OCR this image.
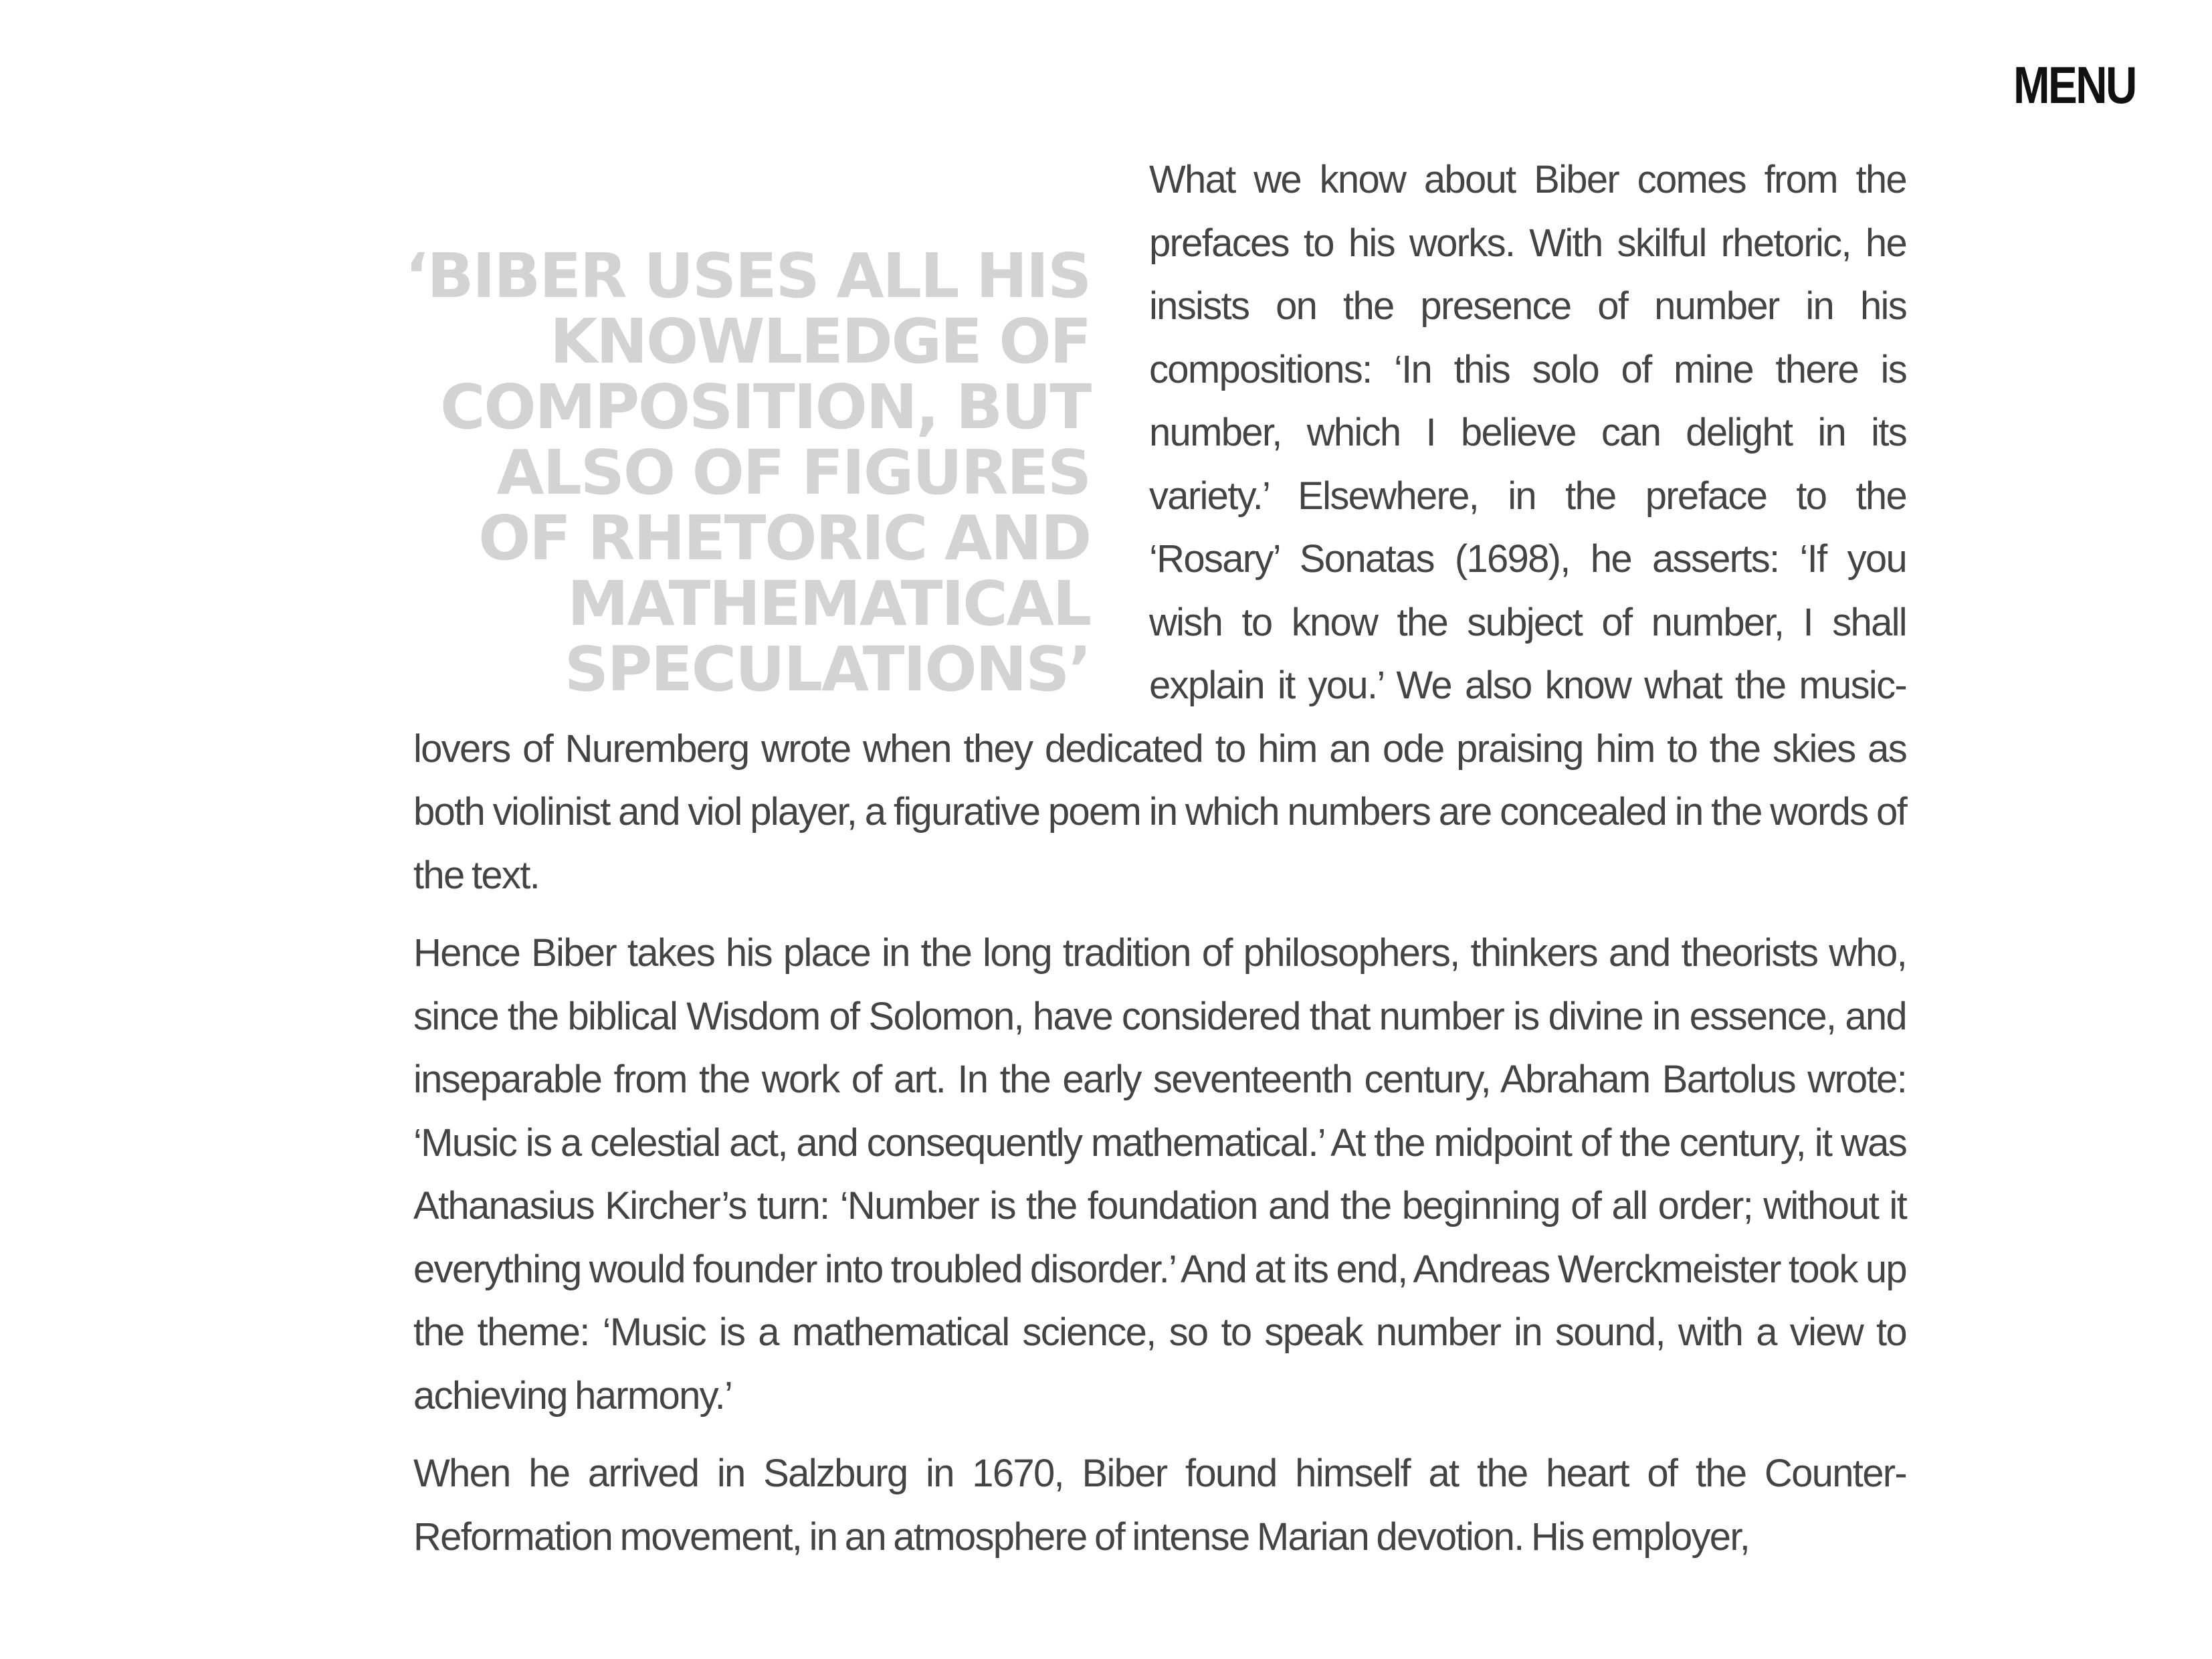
MENU

‘BIBER USES ALL HIS KNOWLEDGE OF COMPOSITION, BUT ALSO OF FIGURES OF RHETORIC AND MATHEMATICAL SPECULATIONS’
What we know about Biber comes from the prefaces to his works. With skilful rhetoric, he insists on the presence of number in his compositions: ‘In this solo of mine there is number, which I believe can delight in its variety.’ Elsewhere, in the preface to the ‘Rosary’ Sonatas (1698), he asserts: ‘If you wish to know the subject of number, I shall explain it you.’ We also know what the music-lovers of Nuremberg wrote when they dedicated to him an ode praising him to the skies as both violinist and viol player, a figurative poem in which numbers are concealed in the words of the text.

Hence Biber takes his place in the long tradition of philosophers, thinkers and theorists who, since the biblical Wisdom of Solomon, have considered that number is divine in essence, and inseparable from the work of art. In the early seventeenth century, Abraham Bartolus wrote: ‘Music is a celestial act, and consequently mathematical.’ At the midpoint of the century, it was Athanasius Kircher’s turn: ‘Number is the foundation and the beginning of all order; without it everything would founder into troubled disorder.’ And at its end, Andreas Werckmeister took up the theme: ‘Music is a mathematical science, so to speak number in sound, with a view to achieving harmony.’

When he arrived in Salzburg in 1670, Biber found himself at the heart of the Counter-Reformation movement, in an atmosphere of intense Marian devotion. His employer,
